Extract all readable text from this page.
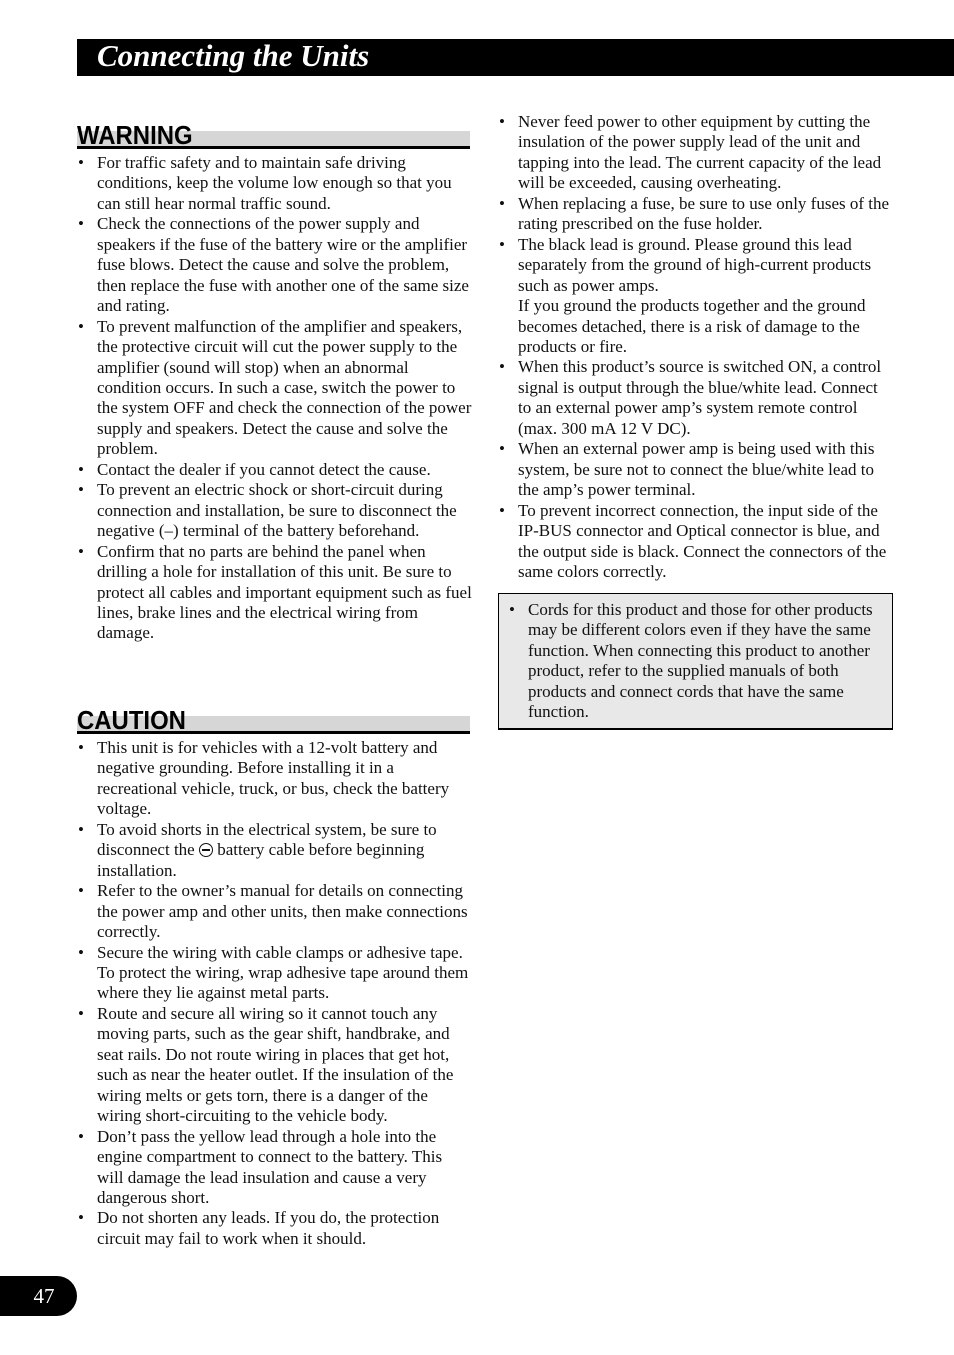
Connecting the Units
WARNING
• For traffic safety and to maintain safe driving conditions, keep the volume low enough so that you can still hear normal traffic sound.
• Check the connections of the power supply and speakers if the fuse of the battery wire or the amplifier fuse blows. Detect the cause and solve the problem, then replace the fuse with another one of the same size and rating.
• To prevent malfunction of the amplifier and speakers, the protective circuit will cut the power supply to the amplifier (sound will stop) when an abnormal condition occurs. In such a case, switch the power to the system OFF and check the connection of the power supply and speakers. Detect the cause and solve the problem.
• Contact the dealer if you cannot detect the cause.
• To prevent an electric shock or short-circuit during connection and installation, be sure to disconnect the negative (–) terminal of the battery beforehand.
• Confirm that no parts are behind the panel when drilling a hole for installation of this unit. Be sure to protect all cables and important equipment such as fuel lines, brake lines and the electrical wiring from damage.
CAUTION
• This unit is for vehicles with a 12-volt battery and negative grounding. Before installing it in a recreational vehicle, truck, or bus, check the battery voltage.
• To avoid shorts in the electrical system, be sure to disconnect the battery cable before beginning installation.
• Refer to the owner’s manual for details on connecting the power amp and other units, then make connections correctly.
• Secure the wiring with cable clamps or adhesive tape. To protect the wiring, wrap adhesive tape around them where they lie against metal parts.
• Route and secure all wiring so it cannot touch any moving parts, such as the gear shift, handbrake, and seat rails. Do not route wiring in places that get hot, such as near the heater outlet. If the insulation of the wiring melts or gets torn, there is a danger of the wiring short-circuiting to the vehicle body.
• Don’t pass the yellow lead through a hole into the engine compartment to connect to the battery. This will damage the lead insulation and cause a very dangerous short.
• Do not shorten any leads. If you do, the protection circuit may fail to work when it should.
• Never feed power to other equipment by cutting the insulation of the power supply lead of the unit and tapping into the lead. The current capacity of the lead will be exceeded, causing overheating.
• When replacing a fuse, be sure to use only fuses of the rating prescribed on the fuse holder.
• The black lead is ground. Please ground this lead separately from the ground of high-current products such as power amps.
If you ground the products together and the ground becomes detached, there is a risk of damage to the products or fire.
• When this product’s source is switched ON, a control signal is output through the blue/white lead. Connect to an external power amp’s system remote control (max. 300 mA 12 V DC).
• When an external power amp is being used with this system, be sure not to connect the blue/white lead to the amp’s power terminal.
• To prevent incorrect connection, the input side of the IP-BUS connector and Optical connector is blue, and the output side is black. Connect the connectors of the same colors correctly.
• Cords for this product and those for other products may be different colors even if they have the same function. When connecting this product to another product, refer to the supplied manuals of both products and connect cords that have the same function.
47
